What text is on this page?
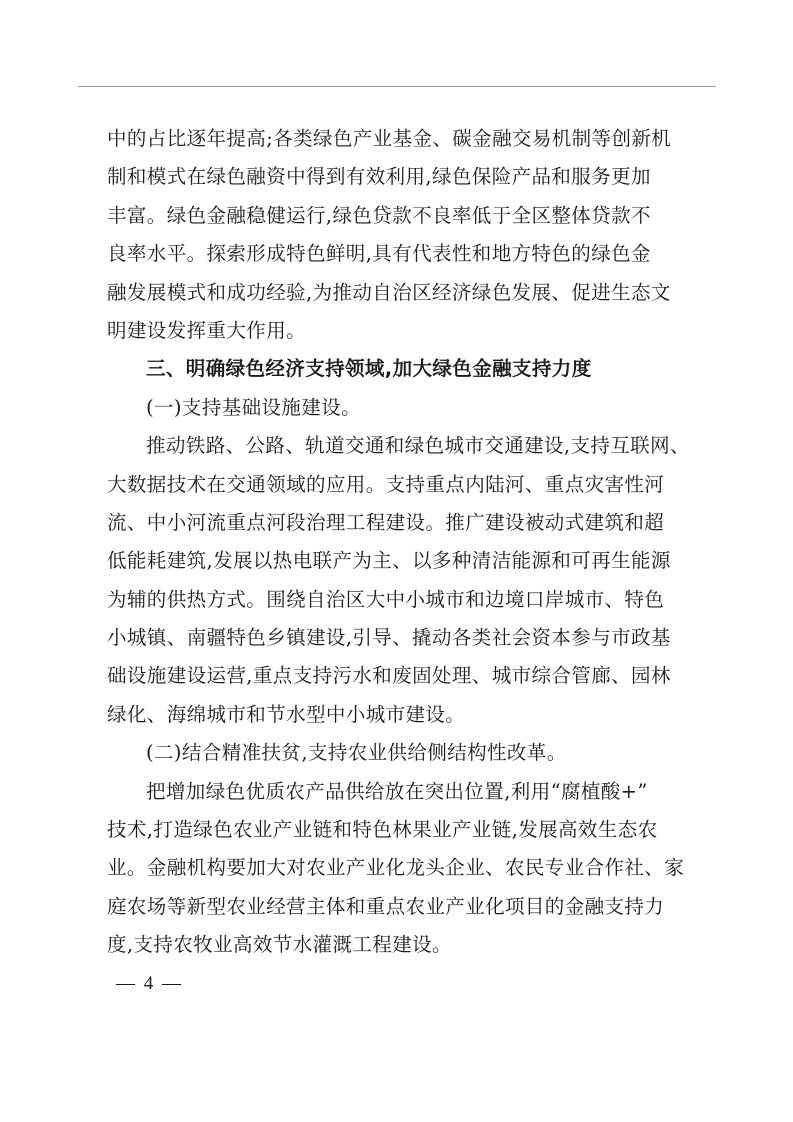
中的占比逐年提高;各类绿色产业基金、碳金融交易机制等创新机
制和模式在绿色融资中得到有效利用,绿色保险产品和服务更加
丰富。绿色金融稳健运行,绿色贷款不良率低于全区整体贷款不
良率水平。探索形成特色鲜明,具有代表性和地方特色的绿色金
融发展模式和成功经验,为推动自治区经济绿色发展、促进生态文
明建设发挥重大作用。
三、明确绿色经济支持领域,加大绿色金融支持力度
(一)支持基础设施建设。
推动铁路、公路、轨道交通和绿色城市交通建设,支持互联网、
大数据技术在交通领域的应用。支持重点内陆河、重点灾害性河
流、中小河流重点河段治理工程建设。推广建设被动式建筑和超
低能耗建筑,发展以热电联产为主、以多种清洁能源和可再生能源
为辅的供热方式。围绕自治区大中小城市和边境口岸城市、特色
小城镇、南疆特色乡镇建设,引导、撬动各类社会资本参与市政基
础设施建设运营,重点支持污水和废固处理、城市综合管廊、园林
绿化、海绵城市和节水型中小城市建设。
(二)结合精准扶贫,支持农业供给侧结构性改革。
把增加绿色优质农产品供给放在突出位置,利用“腐植酸+”
技术,打造绿色农业产业链和特色林果业产业链,发展高效生态农
业。金融机构要加大对农业产业化龙头企业、农民专业合作社、家
庭农场等新型农业经营主体和重点农业产业化项目的金融支持力
度,支持农牧业高效节水灌溉工程建设。
— 4 —
